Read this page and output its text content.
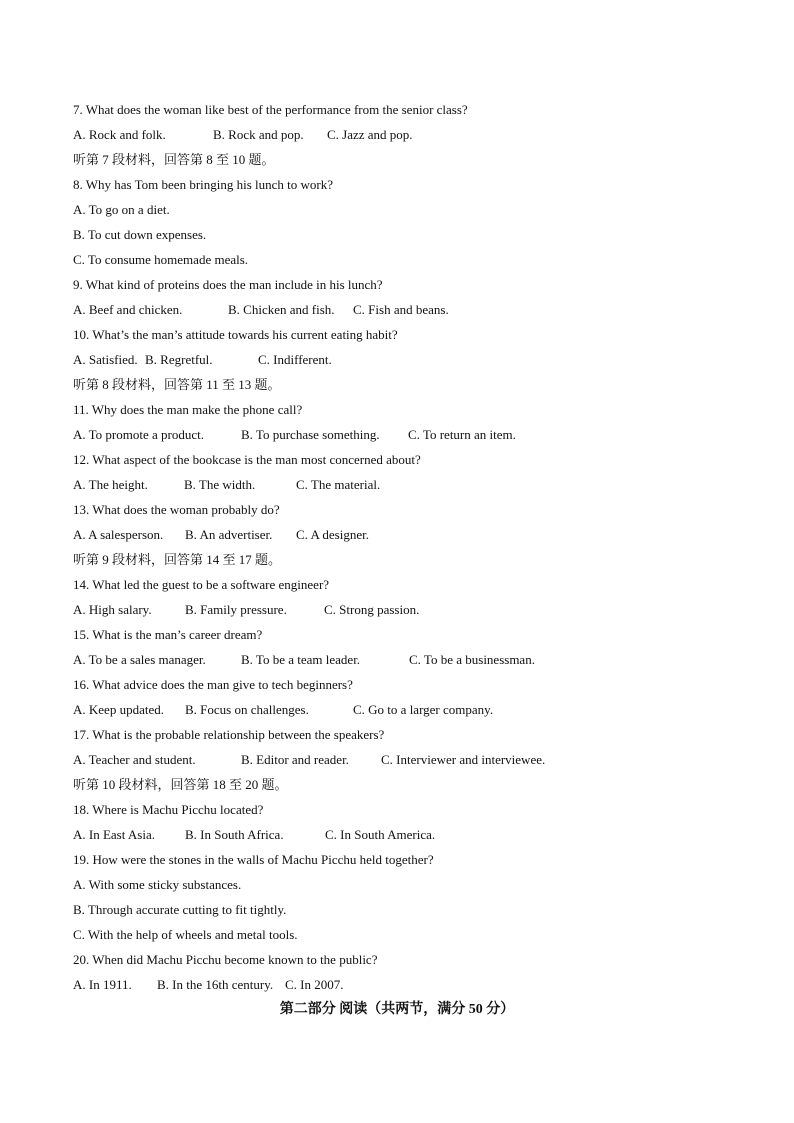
7. What does the woman like best of the performance from the senior class?
A. Rock and folk.	B. Rock and pop. C. Jazz and pop.
听第 7 段材料，回答第 8 至 10 题。
8. Why has Tom been bringing his lunch to work?
A. To go on a diet.
B. To cut down expenses.
C. To consume homemade meals.
9. What kind of proteins does the man include in his lunch?
A. Beef and chicken.	B. Chicken and fish. C. Fish and beans.
10. What’s the man’s attitude towards his current eating habit?
A. Satisfied. B. Regretful.	C. Indifferent.
听第 8 段材料，回答第 11 至 13 题。
11. Why does the man make the phone call?
A. To promote a product.	B. To purchase something. C. To return an item.
12. What aspect of the bookcase is the man most concerned about?
A. The height.	B. The width.	C. The material.
13. What does the woman probably do?
A. A salesperson. B. An advertiser. C. A designer.
听第 9 段材料，回答第 14 至 17 题。
14. What led the guest to be a software engineer?
A. High salary.	B. Family pressure.	C. Strong passion.
15. What is the man’s career dream?
A. To be a sales manager.	B. To be a team leader.	C. To be a businessman.
16. What advice does the man give to tech beginners?
A. Keep updated. B. Focus on challenges.	C. Go to a larger company.
17. What is the probable relationship between the speakers?
A. Teacher and student.	B. Editor and reader. C. Interviewer and interviewee.
听第 10 段材料，回答第 18 至 20 题。
18. Where is Machu Picchu located?
A. In East Asia. B. In South Africa.	C. In South America.
19. How were the stones in the walls of Machu Picchu held together?
A. With some sticky substances.
B. Through accurate cutting to fit tightly.
C. With the help of wheels and metal tools.
20. When did Machu Picchu become known to the public?
A. In 1911. B. In the 16th century. C. In 2007.
第二部分 阅读（共两节，满分 50 分）
